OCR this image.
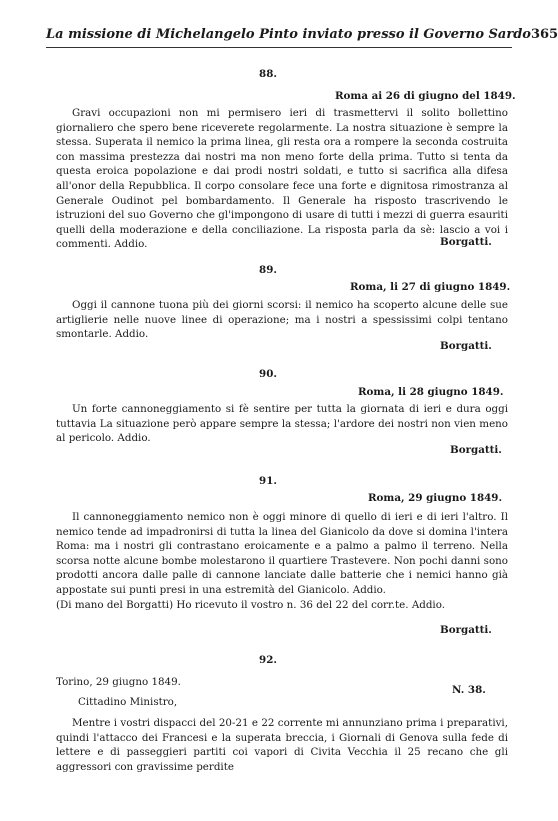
La missione di Michelangelo Pinto inviato presso il Governo Sardo 365
88.
Roma ai 26 di giugno del 1849.

Gravi occupazioni non mi permisero ieri di trasmettervi il solito bollettino giornaliero che spero bene riceverete regolarmente. La nostra situazione è sempre la stessa. Superata il nemico la prima linea, gli resta ora a rompere la seconda costruita con massima prestezza dai nostri ma non meno forte della prima. Tutto si tenta da questa eroica popolazione e dai prodi nostri soldati, e tutto si sacrifica alla difesa all'onor della Repubblica. Il corpo consolare fece una forte e dignitosa rimostranza al Generale Oudinot pel bombardamento. Il Generale ha risposto trascrivendo le istruzioni del suo Governo che gl'impongono di usare di tutti i mezzi di guerra esauriti quelli della moderazione e della conciliazione. La risposta parla da sè: lascio a voi i commenti. Addio.	Borgatti.
89.
Roma, li 27 di giugno 1849.

Oggi il cannone tuona più dei giorni scorsi: il nemico ha scoperto alcune delle sue artiglierie nelle nuove linee di operazione; ma i nostri a spessissimi colpi tentano smontarle. Addio.

Borgatti.
90.
Roma, li 28 giugno 1849.

Un forte cannoneggiamento si fè sentire per tutta la giornata di ieri e dura oggi tuttavia La situazione però appare sempre la stessa; l'ardore dei nostri non vien meno al pericolo. Addio.

Borgatti.
91.
Roma, 29 giugno 1849.

Il cannoneggiamento nemico non è oggi minore di quello di ieri e di ieri l'altro. Il nemico tende ad impadronirsi di tutta la linea del Gianicolo da dove si domina l'intera Roma: ma i nostri gli contrastano eroicamente e a palmo a palmo il terreno. Nella scorsa notte alcune bombe molestarono il quartiere Trastevere. Non pochi danni sono prodotti ancora dalle palle di cannone lanciate dalle batterie che i nemici hanno già appostate sui punti presi in una estremità del Gianicolo. Addio.

(Di mano del Borgatti) Ho ricevuto il vostro n. 36 del 22 del corr.te. Addio.

Borgatti.
92.
Torino, 29 giugno 1849.
N. 38.
Cittadino Ministro,

Mentre i vostri dispacci del 20-21 e 22 corrente mi annunziano prima i preparativi, quindi l'attacco dei Francesi e la superata breccia, i Giornali di Genova sulla fede di lettere e di passeggieri partiti coi vapori di Civita Vecchia il 25 recano che gli aggressori con gravissime perdite
